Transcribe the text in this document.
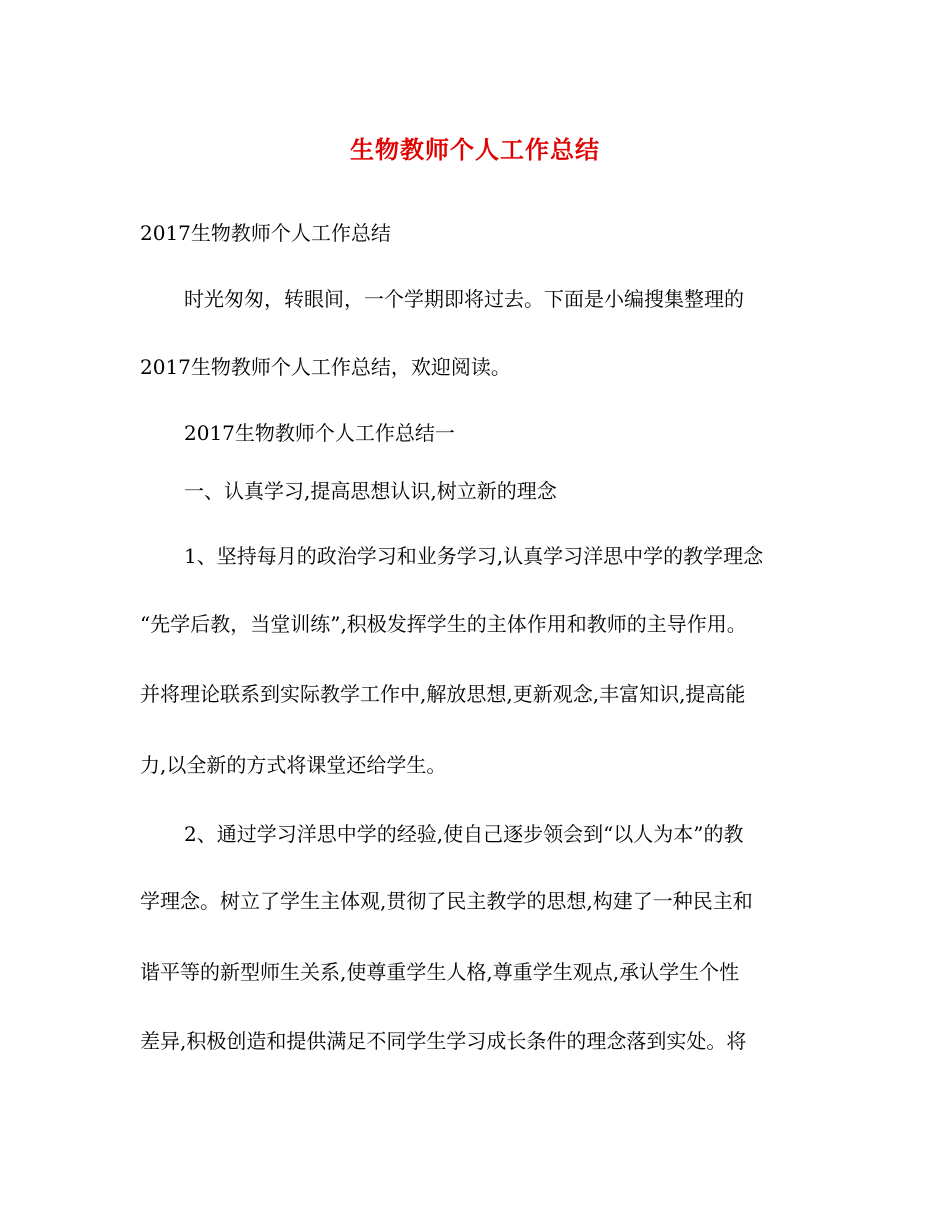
生物教师个人工作总结
2017生物教师个人工作总结
时光匆匆，转眼间，一个学期即将过去。下面是小编搜集整理的
2017生物教师个人工作总结，欢迎阅读。
2017生物教师个人工作总结一
一、认真学习,提高思想认识,树立新的理念
1、坚持每月的政治学习和业务学习,认真学习洋思中学的教学理念
“先学后教，当堂训练”,积极发挥学生的主体作用和教师的主导作用。
并将理论联系到实际教学工作中,解放思想,更新观念,丰富知识,提高能
力,以全新的方式将课堂还给学生。
2、通过学习洋思中学的经验,使自己逐步领会到“以人为本”的教
学理念。树立了学生主体观,贯彻了民主教学的思想,构建了一种民主和
谐平等的新型师生关系,使尊重学生人格,尊重学生观点,承认学生个性
差异,积极创造和提供满足不同学生学习成长条件的理念落到实处。将
